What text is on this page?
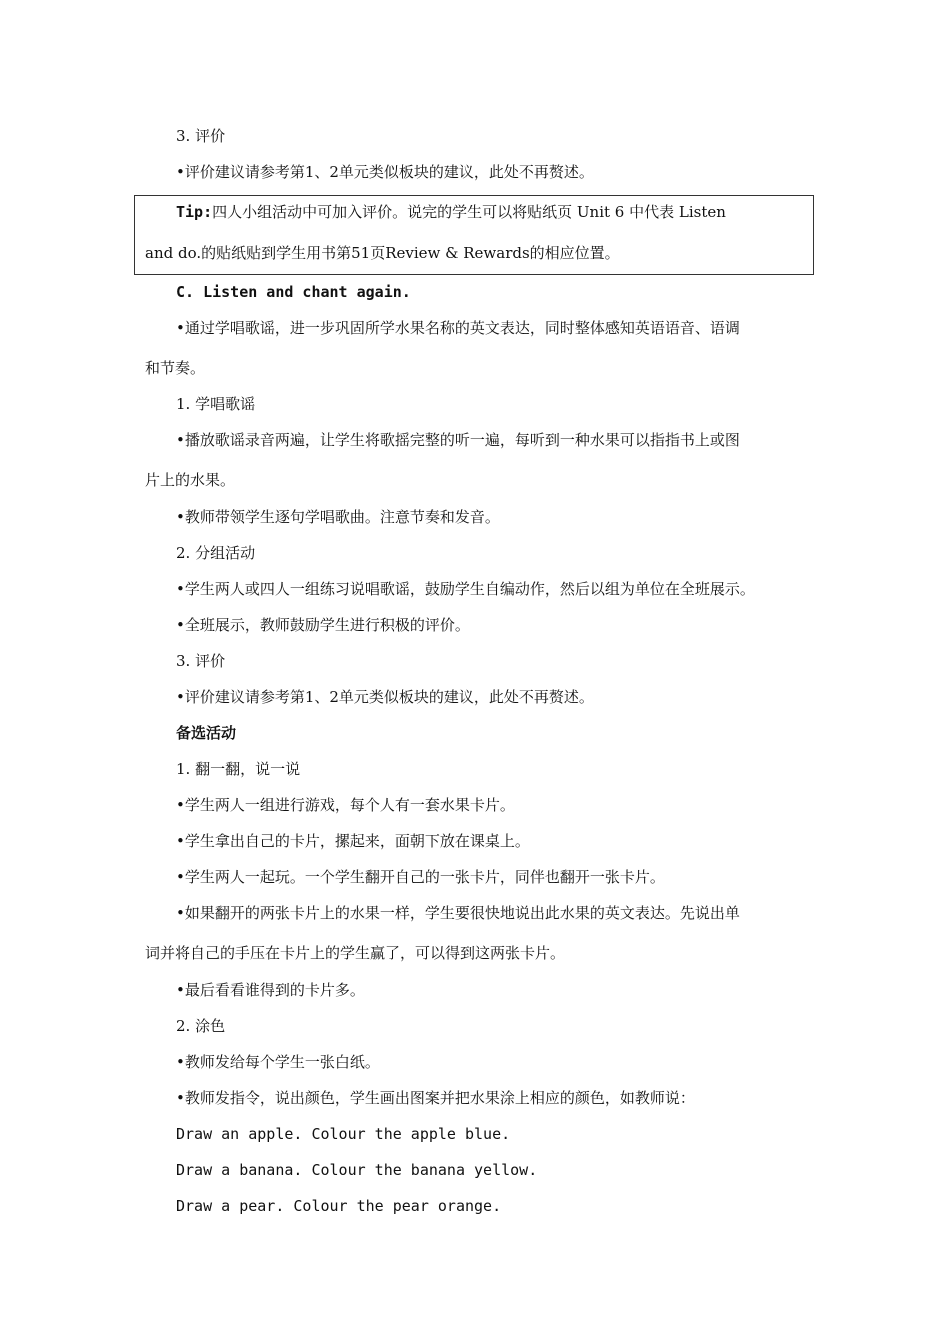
3. 评价
•评价建议请参考第1、2单元类似板块的建议，此处不再赘述。
Tip:四人小组活动中可加入评价。说完的学生可以将贴纸页 Unit 6 中代表 Listen
and do.的贴纸贴到学生用书第51页Review & Rewards的相应位置。
C. Listen and chant again.
•通过学唱歌谣，进一步巩固所学水果名称的英文表达，同时整体感知英语语音、语调
和节奏。
1. 学唱歌谣
•播放歌谣录音两遍，让学生将歌摇完整的听一遍，每听到一种水果可以指指书上或图
片上的水果。
•教师带领学生逐句学唱歌曲。注意节奏和发音。
2. 分组活动
•学生两人或四人一组练习说唱歌谣，鼓励学生自编动作，然后以组为单位在全班展示。
•全班展示，教师鼓励学生进行积极的评价。
3. 评价
•评价建议请参考第1、2单元类似板块的建议，此处不再赘述。
备选活动
1. 翻一翻，说一说
•学生两人一组进行游戏，每个人有一套水果卡片。
•学生拿出自己的卡片，摞起来，面朝下放在课桌上。
•学生两人一起玩。一个学生翻开自己的一张卡片，同伴也翻开一张卡片。
•如果翻开的两张卡片上的水果一样，学生要很快地说出此水果的英文表达。先说出单
词并将自己的手压在卡片上的学生赢了，可以得到这两张卡片。
•最后看看谁得到的卡片多。
2. 涂色
•教师发给每个学生一张白纸。
•教师发指令，说出颜色，学生画出图案并把水果涂上相应的颜色，如教师说：
Draw an apple. Colour the apple blue.
Draw a banana. Colour the banana yellow.
Draw a pear. Colour the pear orange.
